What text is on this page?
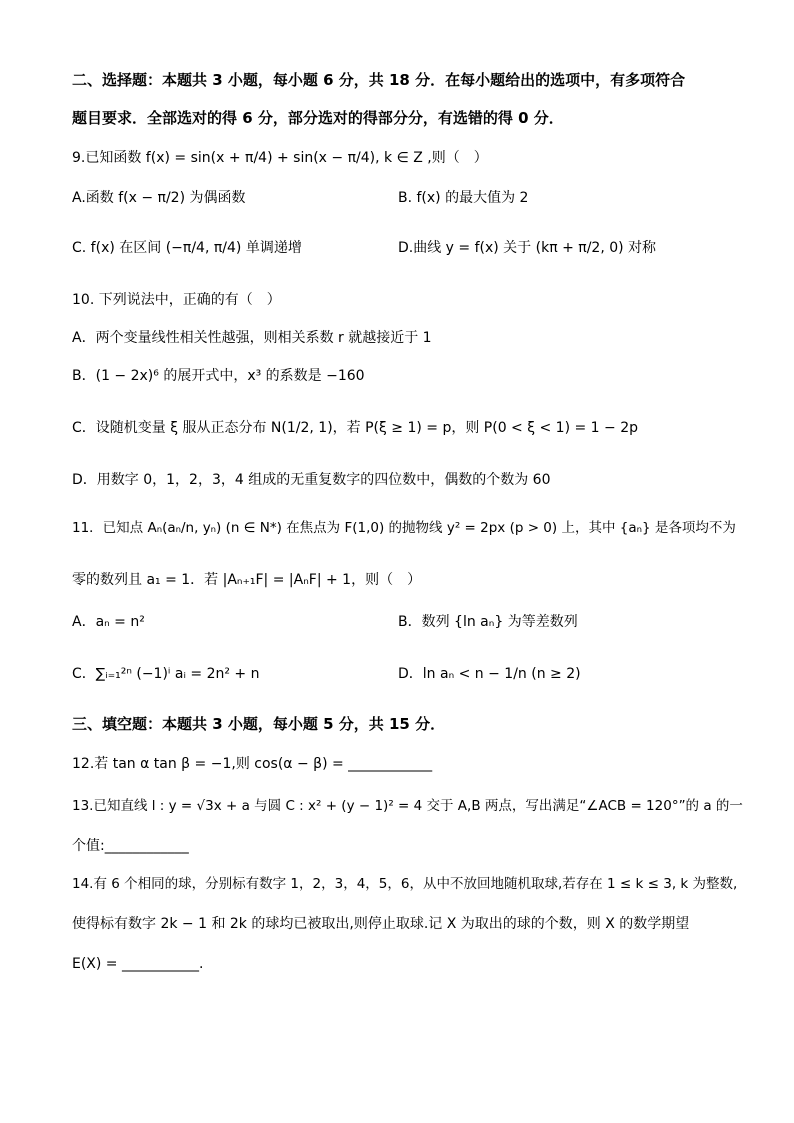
二、选择题：本题共 3 小题，每小题 6 分，共 18 分．在每小题给出的选项中，有多项符合
题目要求．全部选对的得 6 分，部分选对的得部分分，有选错的得 0 分．
9.已知函数 f(x) = sin(x + π/4) + sin(x − π/4), k ∈ Z ,则（　）
A.函数 f(x − π/2) 为偶函数	B. f(x) 的最大值为 2
C. f(x) 在区间 (−π/4, π/4) 单调递增	D.曲线 y = f(x) 关于 (kπ + π/2, 0) 对称
10. 下列说法中，正确的有（　）
A．两个变量线性相关性越强，则相关系数 r 就越接近于 1
B．(1 − 2x)⁶ 的展开式中，x³ 的系数是 −160
C．设随机变量 ξ 服从正态分布 N(1/2, 1)，若 P(ξ ≥ 1) = p，则 P(0 < ξ < 1) = 1 − 2p
D．用数字 0，1，2，3，4 组成的无重复数字的四位数中，偶数的个数为 60
11．已知点 Aₙ(aₙ/n, yₙ) (n ∈ N*) 在焦点为 F(1,0) 的抛物线 y² = 2px (p > 0) 上，其中 {aₙ} 是各项均不为
零的数列且 a₁ = 1．若 |Aₙ₊₁F| = |AₙF| + 1，则（　）
A．aₙ = n²	B．数列 {ln aₙ} 为等差数列
C．∑ᵢ₌₁²ⁿ (−1)ⁱ aᵢ = 2n² + n	D．ln aₙ < n − 1/n (n ≥ 2)
三、填空题：本题共 3 小题，每小题 5 分，共 15 分．
12.若 tan α tan β = −1,则 cos(α − β) = ____________
13.已知直线 l : y = √3x + a 与圆 C : x² + (y − 1)² = 4 交于 A,B 两点，写出满足“∠ACB = 120°”的 a 的一
个值:____________
14.有 6 个相同的球，分别标有数字 1，2，3，4，5，6，从中不放回地随机取球,若存在 1 ≤ k ≤ 3, k 为整数,
使得标有数字 2k − 1 和 2k 的球均已被取出,则停止取球.记 X 为取出的球的个数，则 X 的数学期望
E(X) = ___________.
